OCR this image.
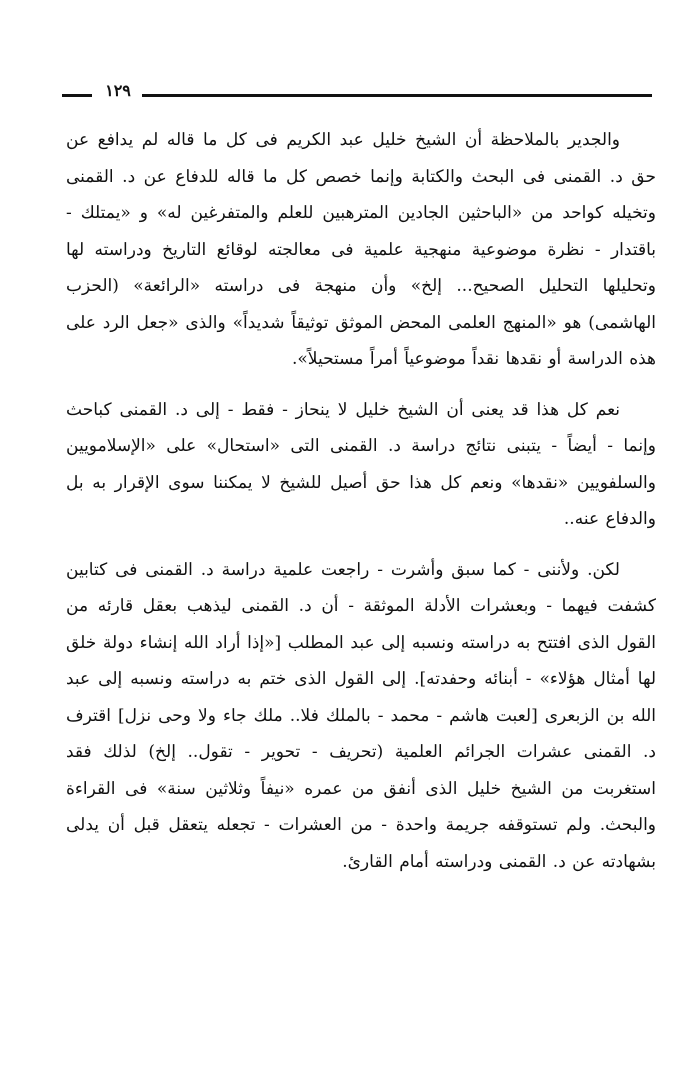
١٢٩

والجدير بالملاحظة أن الشيخ خليل عبد الكريم فى كل ما قاله لم يدافع عن حق د. القمنى فى البحث والكتابة وإنما خصص كل ما قاله للدفاع عن د. القمنى وتخيله كواحد من «الباحثين الجادين المترهبين للعلم والمتفرغين له» و «يمتلك - باقتدار - نظرة موضوعية منهجية علمية فى معالجته لوقائع التاريخ ودراسته لها وتحليلها التحليل الصحيح... إلخ» وأن منهجة فى دراسته «الرائعة» (الحزب الهاشمى) هو «المنهج العلمى المحض الموثق توثيقاً شديداً» والذى «جعل الرد على هذه الدراسة أو نقدها نقداً موضوعياً أمراً مستحيلاً».

نعم كل هذا قد يعنى أن الشيخ خليل لا ينحاز - فقط - إلى د. القمنى كباحث وإنما - أيضاً - يتبنى نتائج دراسة د. القمنى التى «استحال» على «الإسلامويين والسلفويين «نقدها» ونعم كل هذا حق أصيل للشيخ لا يمكننا سوى الإقرار به بل والدفاع عنه..

لكن. ولأننى - كما سبق وأشرت - راجعت علمية دراسة د. القمنى فى كتابين كشفت فيهما - وبعشرات الأدلة الموثقة - أن د. القمنى ليذهب بعقل قارئه من القول الذى افتتح به دراسته ونسبه إلى عبد المطلب [«إذا أراد الله إنشاء دولة خلق لها أمثال هؤلاء» - أبنائه وحفدته]. إلى القول الذى ختم به دراسته ونسبه إلى عبد الله بن الزبعرى [لعبت هاشم - محمد - بالملك فلا.. ملك جاء ولا وحى نزل] اقترف د. القمنى عشرات الجرائم العلمية (تحريف - تحوير - تقول.. إلخ) لذلك فقد استغربت من الشيخ خليل الذى أنفق من عمره «نيفاً وثلاثين سنة» فى القراءة والبحث. ولم تستوقفه جريمة واحدة - من العشرات - تجعله يتعقل قبل أن يدلى بشهادته عن د. القمنى ودراسته أمام القارئ.
